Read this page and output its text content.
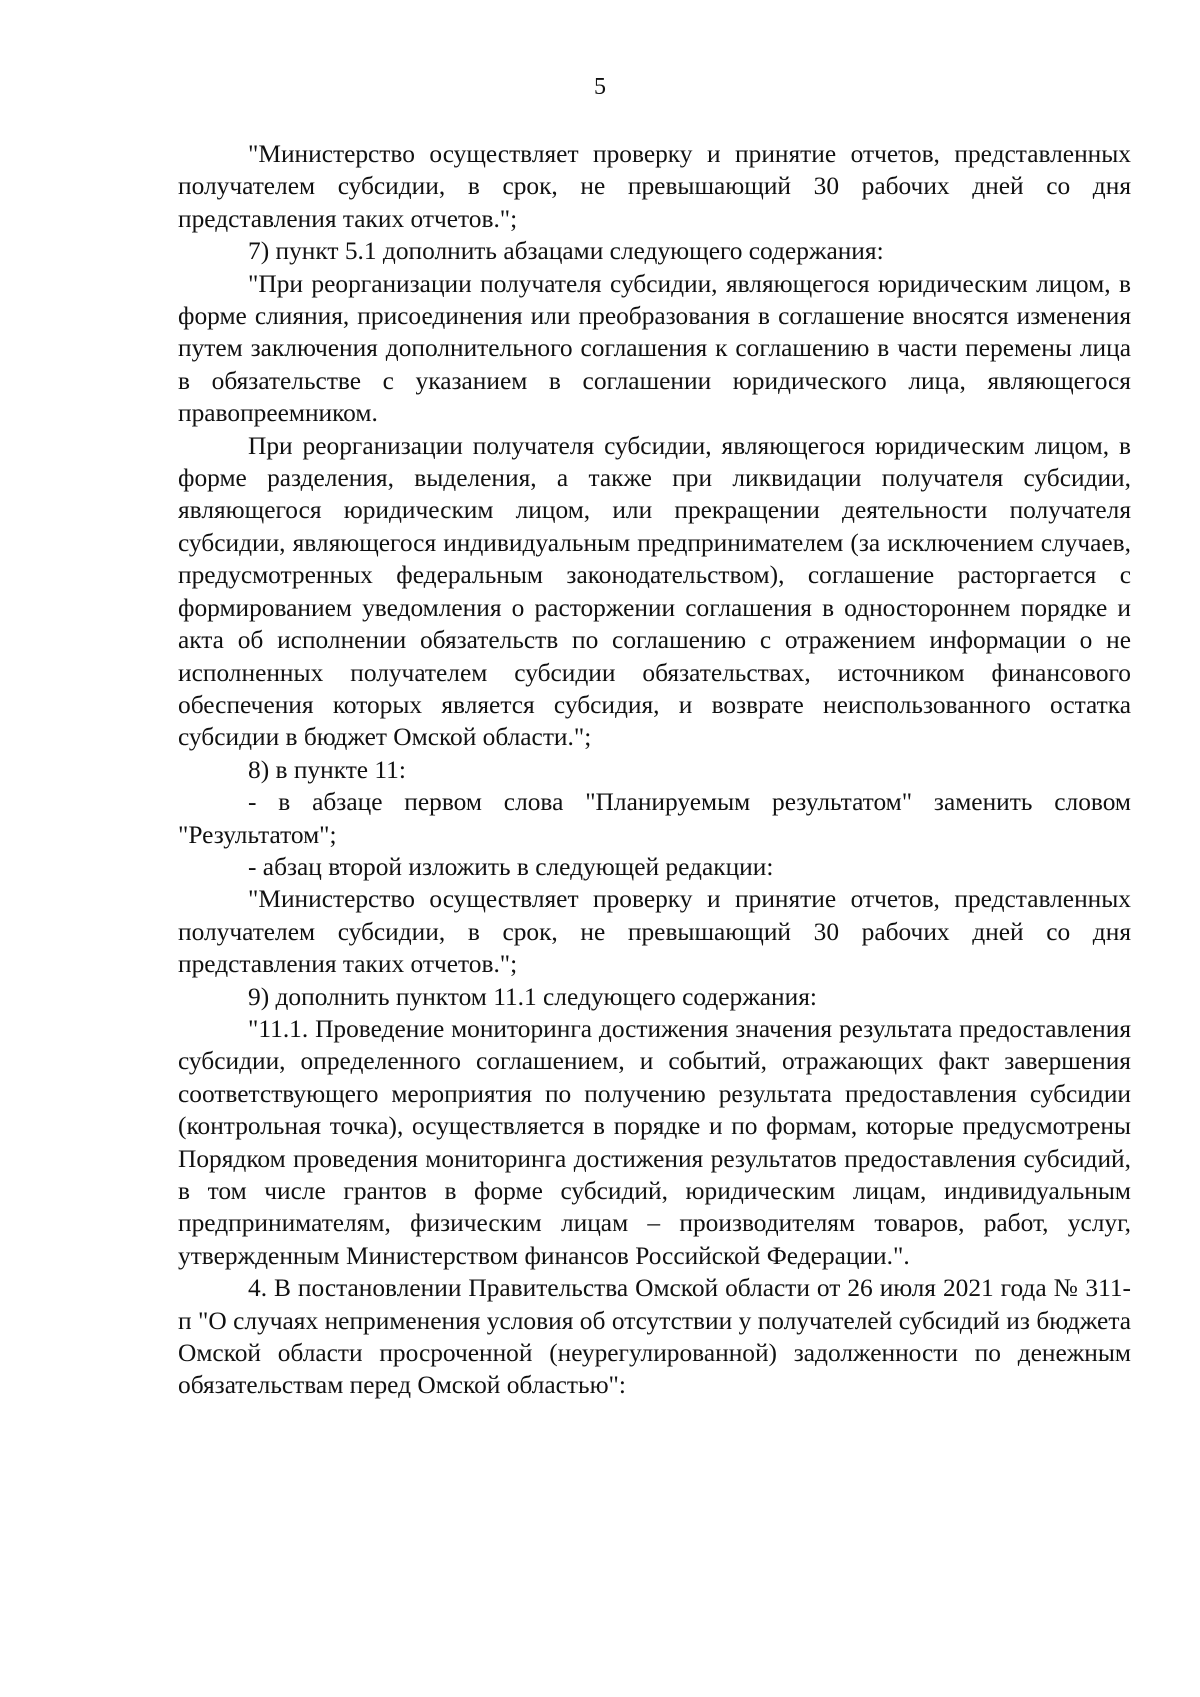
5

"Министерство осуществляет проверку и принятие отчетов, представленных получателем субсидии, в срок, не превышающий 30 рабочих дней со дня представления таких отчетов.";

7) пункт 5.1 дополнить абзацами следующего содержания:

"При реорганизации получателя субсидии, являющегося юридическим лицом, в форме слияния, присоединения или преобразования в соглашение вносятся изменения путем заключения дополнительного соглашения к соглашению в части перемены лица в обязательстве с указанием в соглашении юридического лица, являющегося правопреемником.

При реорганизации получателя субсидии, являющегося юридическим лицом, в форме разделения, выделения, а также при ликвидации получателя субсидии, являющегося юридическим лицом, или прекращении деятельности получателя субсидии, являющегося индивидуальным предпринимателем (за исключением случаев, предусмотренных федеральным законодательством), соглашение расторгается с формированием уведомления о расторжении соглашения в одностороннем порядке и акта об исполнении обязательств по соглашению с отражением информации о не исполненных получателем субсидии обязательствах, источником финансового обеспечения которых является субсидия, и возврате неиспользованного остатка субсидии в бюджет Омской области.";

8) в пункте 11:

- в абзаце первом слова "Планируемым результатом" заменить словом "Результатом";

- абзац второй изложить в следующей редакции:

"Министерство осуществляет проверку и принятие отчетов, представленных получателем субсидии, в срок, не превышающий 30 рабочих дней со дня представления таких отчетов.";

9) дополнить пунктом 11.1 следующего содержания:

"11.1. Проведение мониторинга достижения значения результата предоставления субсидии, определенного соглашением, и событий, отражающих факт завершения соответствующего мероприятия по получению результата предоставления субсидии (контрольная точка), осуществляется в порядке и по формам, которые предусмотрены Порядком проведения мониторинга достижения результатов предоставления субсидий, в том числе грантов в форме субсидий, юридическим лицам, индивидуальным предпринимателям, физическим лицам – производителям товаров, работ, услуг, утвержденным Министерством финансов Российской Федерации.".

4. В постановлении Правительства Омской области от 26 июля 2021 года № 311-п "О случаях неприменения условия об отсутствии у получателей субсидий из бюджета Омской области просроченной (неурегулированной) задолженности по денежным обязательствам перед Омской областью":
